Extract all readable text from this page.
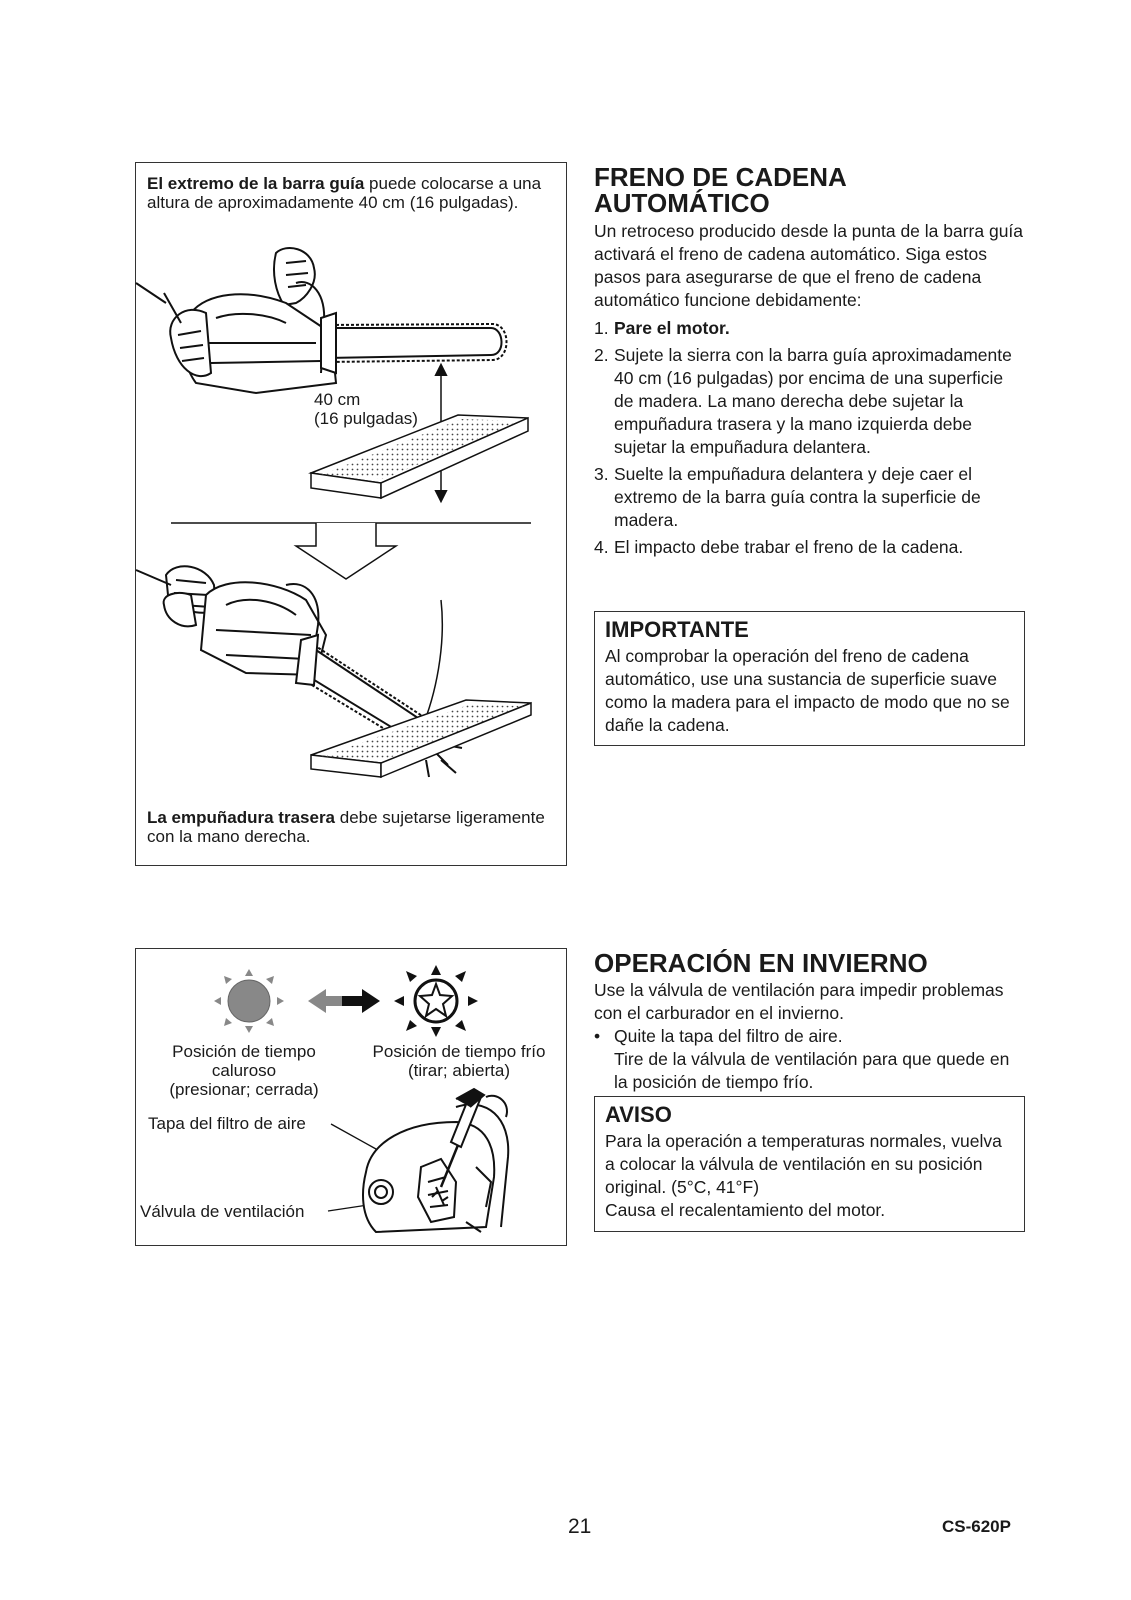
El extremo de la barra guía puede colocarse a una altura de aproximadamente 40 cm (16 pulgadas).
40 cm
(16 pulgadas)
La empuñadura trasera debe sujetarse ligeramente con la mano derecha.
FRENO DE CADENA
AUTOMÁTICO

Un retroceso producido desde la punta de la barra guía activará el freno de cadena automático. Siga estos pasos para asegurarse de que el freno de cadena automático funcione debidamente:

1. Pare el motor.
2. Sujete la sierra con la barra guía aproximadamente 40 cm (16 pulgadas) por encima de una superficie de madera. La mano derecha debe sujetar la empuñadura trasera y la mano izquierda debe sujetar la empuñadura delantera.
3. Suelte la empuñadura delantera y deje caer el extremo de la barra guía contra la superficie de madera.
4. El impacto debe trabar el freno de la cadena.
IMPORTANTE

Al comprobar la operación del freno de cadena automático, use una sustancia de superficie suave como la madera para el impacto de modo que no se dañe la cadena.

Posición de tiempo
caluroso
(presionar; cerrada)
Posición de tiempo frío
(tirar; abierta)
Tapa del filtro de aire
Válvula de ventilación
OPERACIÓN EN INVIERNO

Use la válvula de ventilación para impedir problemas con el carburador en el invierno.

• Quite la tapa del filtro de aire.
Tire de la válvula de ventilación para que quede en la posición de tiempo frío.
AVISO

Para la operación a temperaturas normales, vuelva a colocar la válvula de ventilación en su posición original. (5°C, 41°F)

Causa el recalentamiento del motor.

21	CS-620P
